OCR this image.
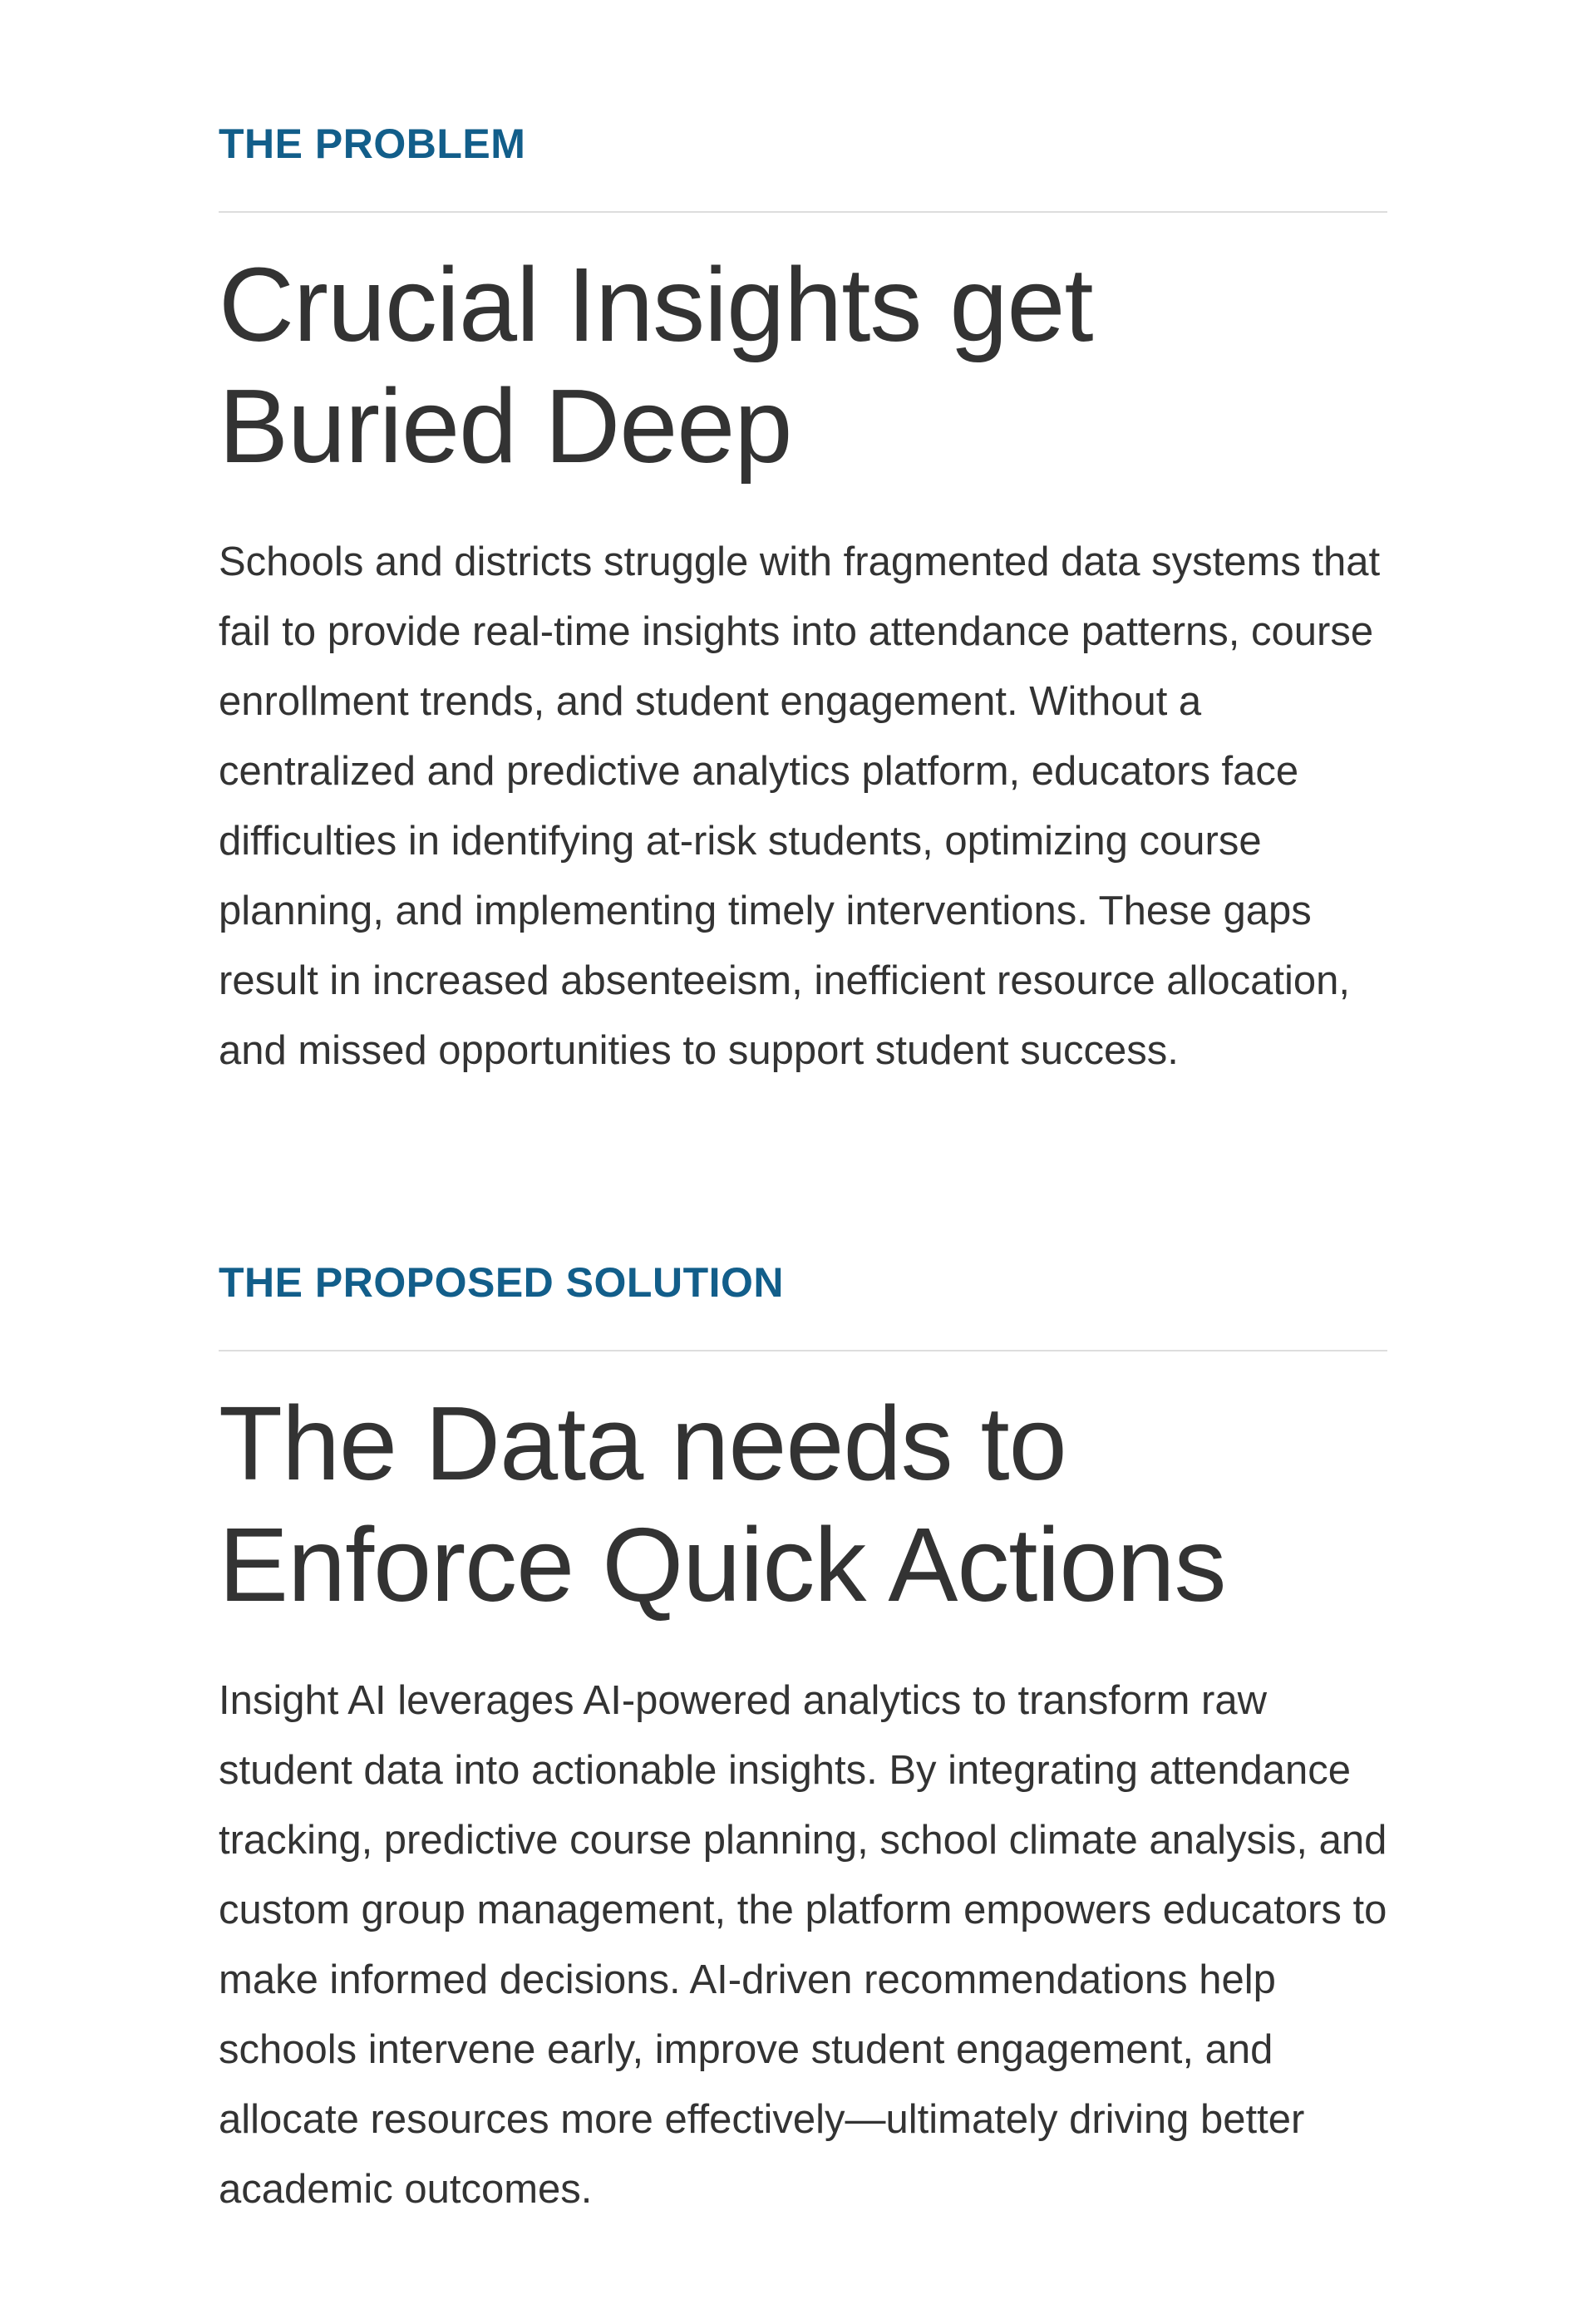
THE PROBLEM

Crucial Insights get
Buried Deep

Schools and districts struggle with fragmented data systems that fail to provide real-time insights into attendance patterns, course enrollment trends, and student engagement. Without a centralized and predictive analytics platform, educators face difficulties in identifying at-risk students, optimizing course planning, and implementing timely interventions. These gaps result in increased absenteeism, inefficient resource allocation, and missed opportunities to support student success.

THE PROPOSED SOLUTION

The Data needs to
Enforce Quick Actions

Insight AI leverages AI-powered analytics to transform raw student data into actionable insights. By integrating attendance tracking, predictive course planning, school climate analysis, and custom group management, the platform empowers educators to make informed decisions. AI-driven recommendations help schools intervene early, improve student engagement, and allocate resources more effectively—ultimately driving better academic outcomes.
